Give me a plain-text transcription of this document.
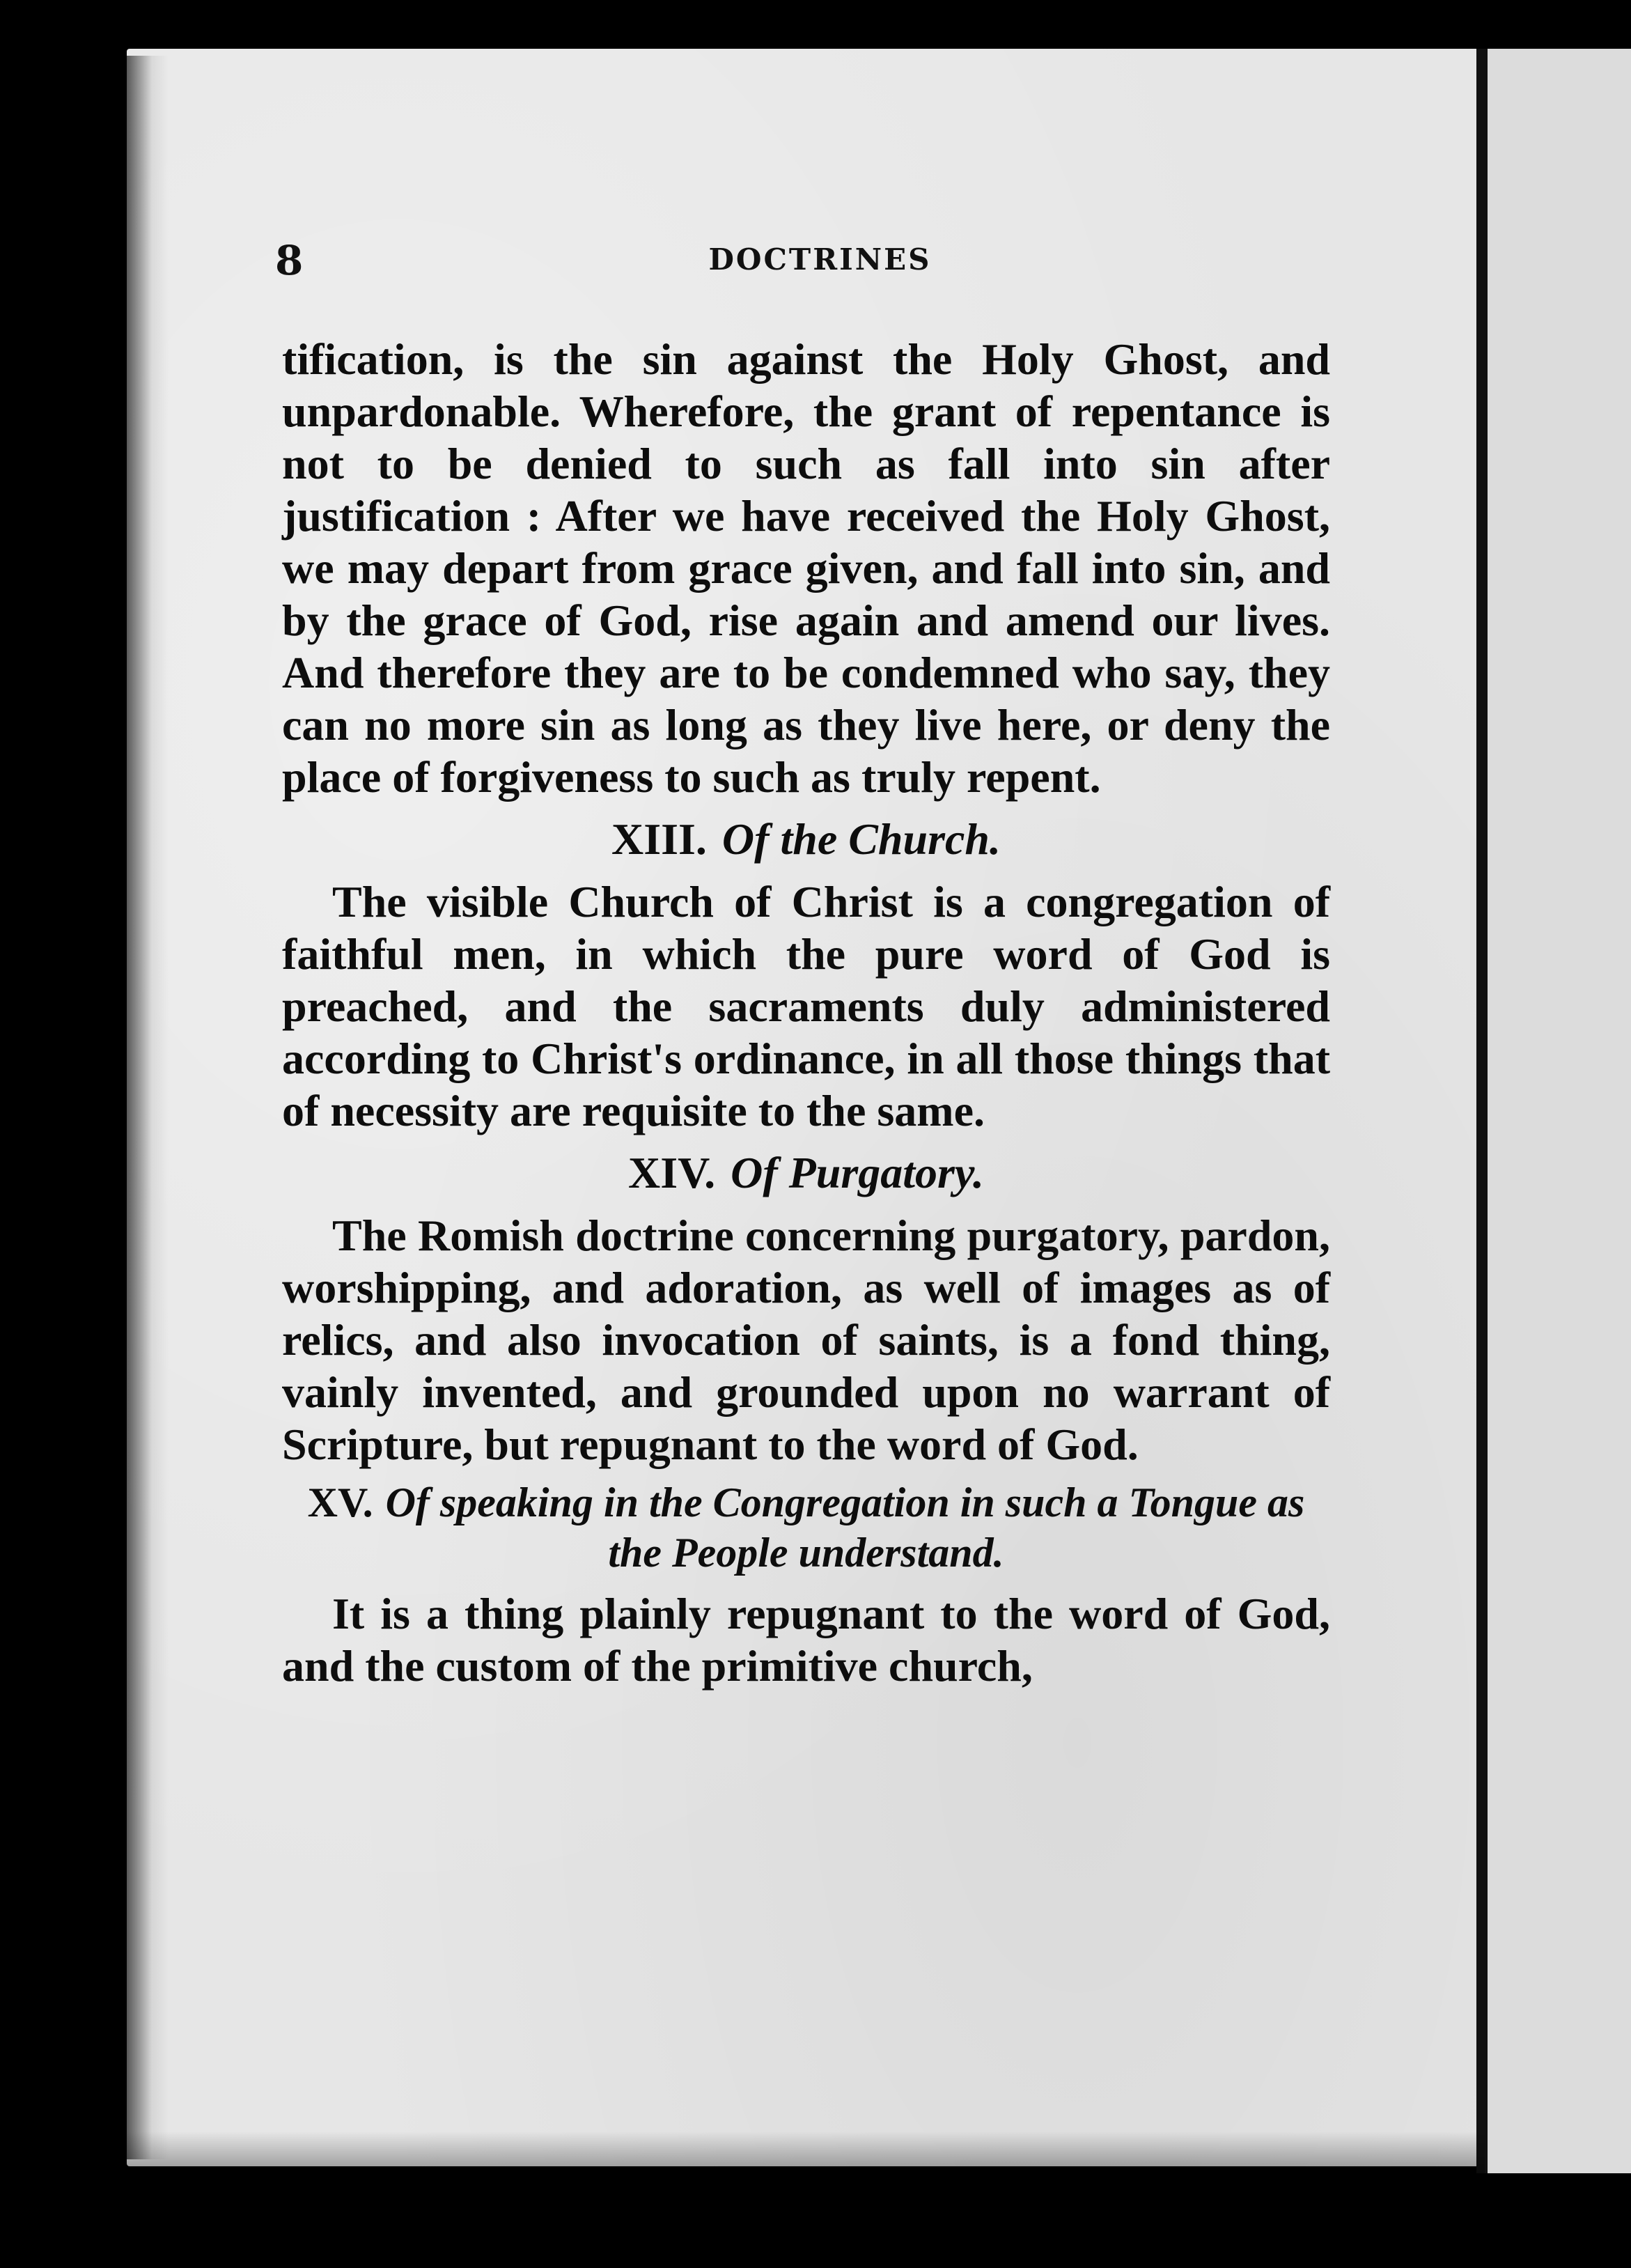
8	DOCTRINES

tification, is the sin against the Holy Ghost, and unpardonable. Wherefore, the grant of repentance is not to be denied to such as fall into sin after justification : After we have received the Holy Ghost, we may depart from grace given, and fall into sin, and by the grace of God, rise again and amend our lives. And therefore they are to be condemned who say, they can no more sin as long as they live here, or deny the place of forgiveness to such as truly repent.

XIII. Of the Church.

The visible Church of Christ is a congregation of faithful men, in which the pure word of God is preached, and the sacraments duly administered according to Christ's ordinance, in all those things that of necessity are requisite to the same.

XIV. Of Purgatory.

The Romish doctrine concerning purgatory, pardon, worshipping, and adoration, as well of images as of relics, and also invocation of saints, is a fond thing, vainly invented, and grounded upon no warrant of Scripture, but repugnant to the word of God.

XV. Of speaking in the Congregation in such a Tongue as the People understand.

It is a thing plainly repugnant to the word of God, and the custom of the primitive church,
